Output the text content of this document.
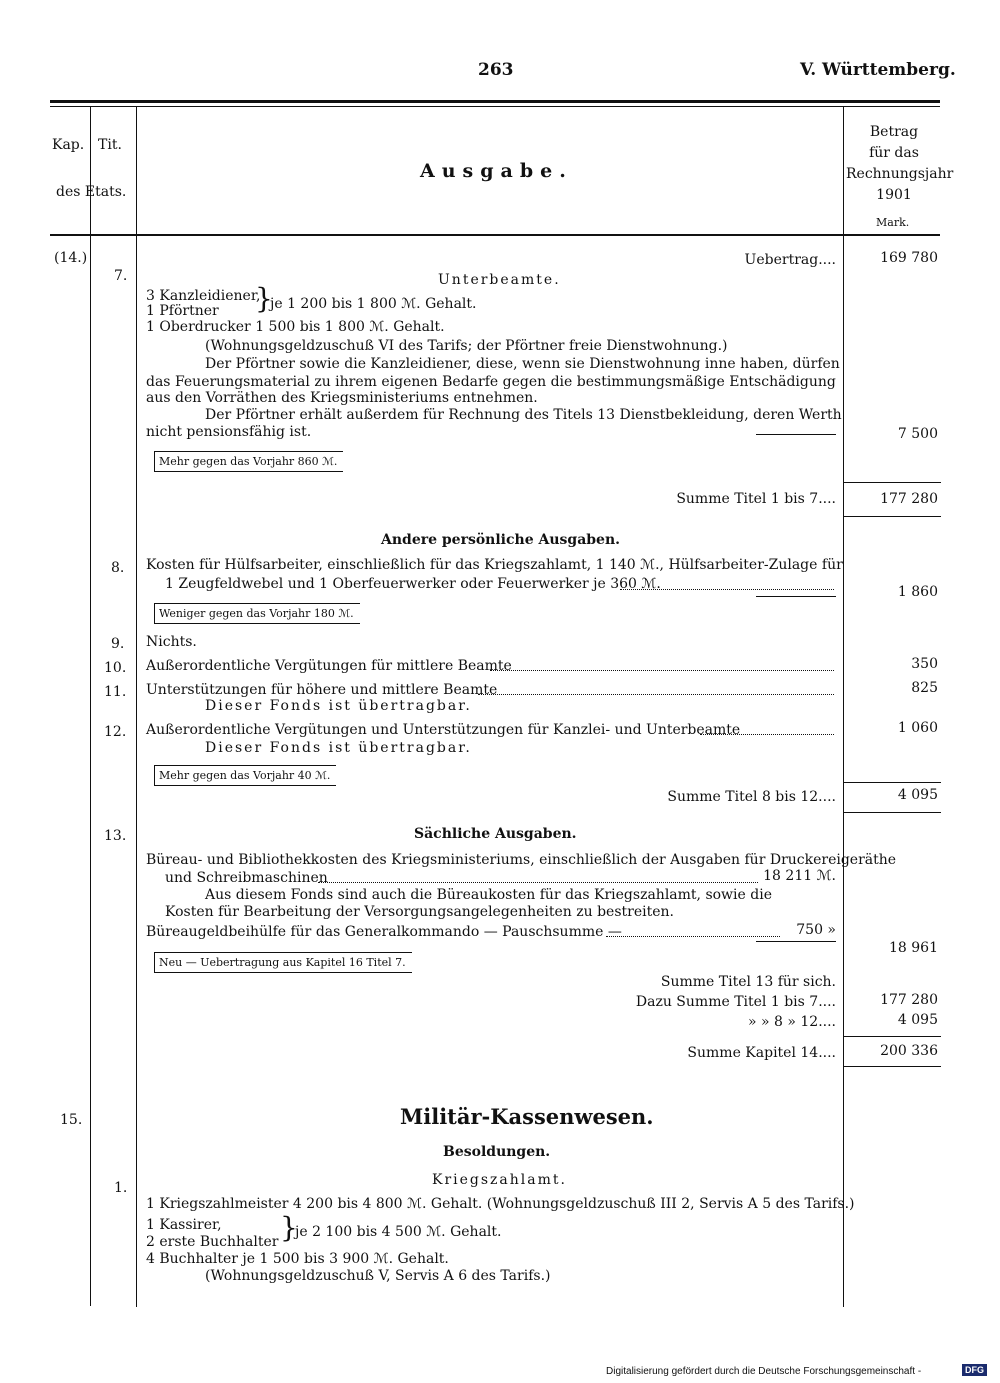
263	V. Württemberg.
Kap. Tit.
des Etats.
Ausgabe.
Betrag
für das
Rechnungsjahr
1901
Mark.
(14.)
7.
Uebertrag....	169 780
Unterbeamte.
3 Kanzleidiener,
1 Pförtner }
je 1 200 bis 1 800 ℳ. Gehalt.
1 Oberdrucker 1 500 bis 1 800 ℳ. Gehalt.
(Wohnungsgeldzuschuß VI des Tarifs; der Pförtner freie Dienstwohnung.)
Der Pförtner sowie die Kanzleidiener, diese, wenn sie Dienstwohnung inne haben, dürfen
das Feuerungsmaterial zu ihrem eigenen Bedarfe gegen die bestimmungsmäßige Entschädigung
aus den Vorräthen des Kriegsministeriums entnehmen.
Der Pförtner erhält außerdem für Rechnung des Titels 13 Dienstbekleidung, deren Werth
nicht pensionsfähig ist.	7 500
Mehr gegen das Vorjahr 860 ℳ.
Summe Titel 1 bis 7....	177 280
Andere persönliche Ausgaben.
8. Kosten für Hülfsarbeiter, einschließlich für das Kriegszahlamt, 1 140 ℳ., Hülfsarbeiter-Zulage für
1 Zeugfeldwebel und 1 Oberfeuerwerker oder Feuerwerker je 360 ℳ.	1 860
Weniger gegen das Vorjahr 180 ℳ.
9. Nichts.
10. Außerordentliche Vergütungen für mittlere Beamte	350
11. Unterstützungen für höhere und mittlere Beamte	825
Dieser Fonds ist übertragbar.
12. Außerordentliche Vergütungen und Unterstützungen für Kanzlei- und Unterbeamte	1 060
Dieser Fonds ist übertragbar.
Mehr gegen das Vorjahr 40 ℳ.
Summe Titel 8 bis 12....	4 095
13.	Sächliche Ausgaben.
Büreau- und Bibliothekkosten des Kriegsministeriums, einschließlich der Ausgaben für Druckereigeräthe
und Schreibmaschinen	18 211 ℳ.
Aus diesem Fonds sind auch die Büreaukosten für das Kriegszahlamt, sowie die
Kosten für Bearbeitung der Versorgungsangelegenheiten zu bestreiten.
Büreaugeldbeihülfe für das Generalkommando — Pauschsumme —	750 »
18 961
Neu — Uebertragung aus Kapitel 16 Titel 7.
Summe Titel 13 für sich.
Dazu Summe Titel 1 bis 7....	177 280
» » 8 » 12....	4 095
Summe Kapitel 14....	200 336
15.	Militär-Kassenwesen.
Besoldungen.
Kriegszahlamt.
1.
1 Kriegszahlmeister 4 200 bis 4 800 ℳ. Gehalt. (Wohnungsgeldzuschuß III 2, Servis A 5 des Tarifs.)
1 Kassirer,
2 erste Buchhalter }
je 2 100 bis 4 500 ℳ. Gehalt.
4 Buchhalter je 1 500 bis 3 900 ℳ. Gehalt.
(Wohnungsgeldzuschuß V, Servis A 6 des Tarifs.)
Digitalisierung gefördert durch die Deutsche Forschungsgemeinschaft -	DFG
